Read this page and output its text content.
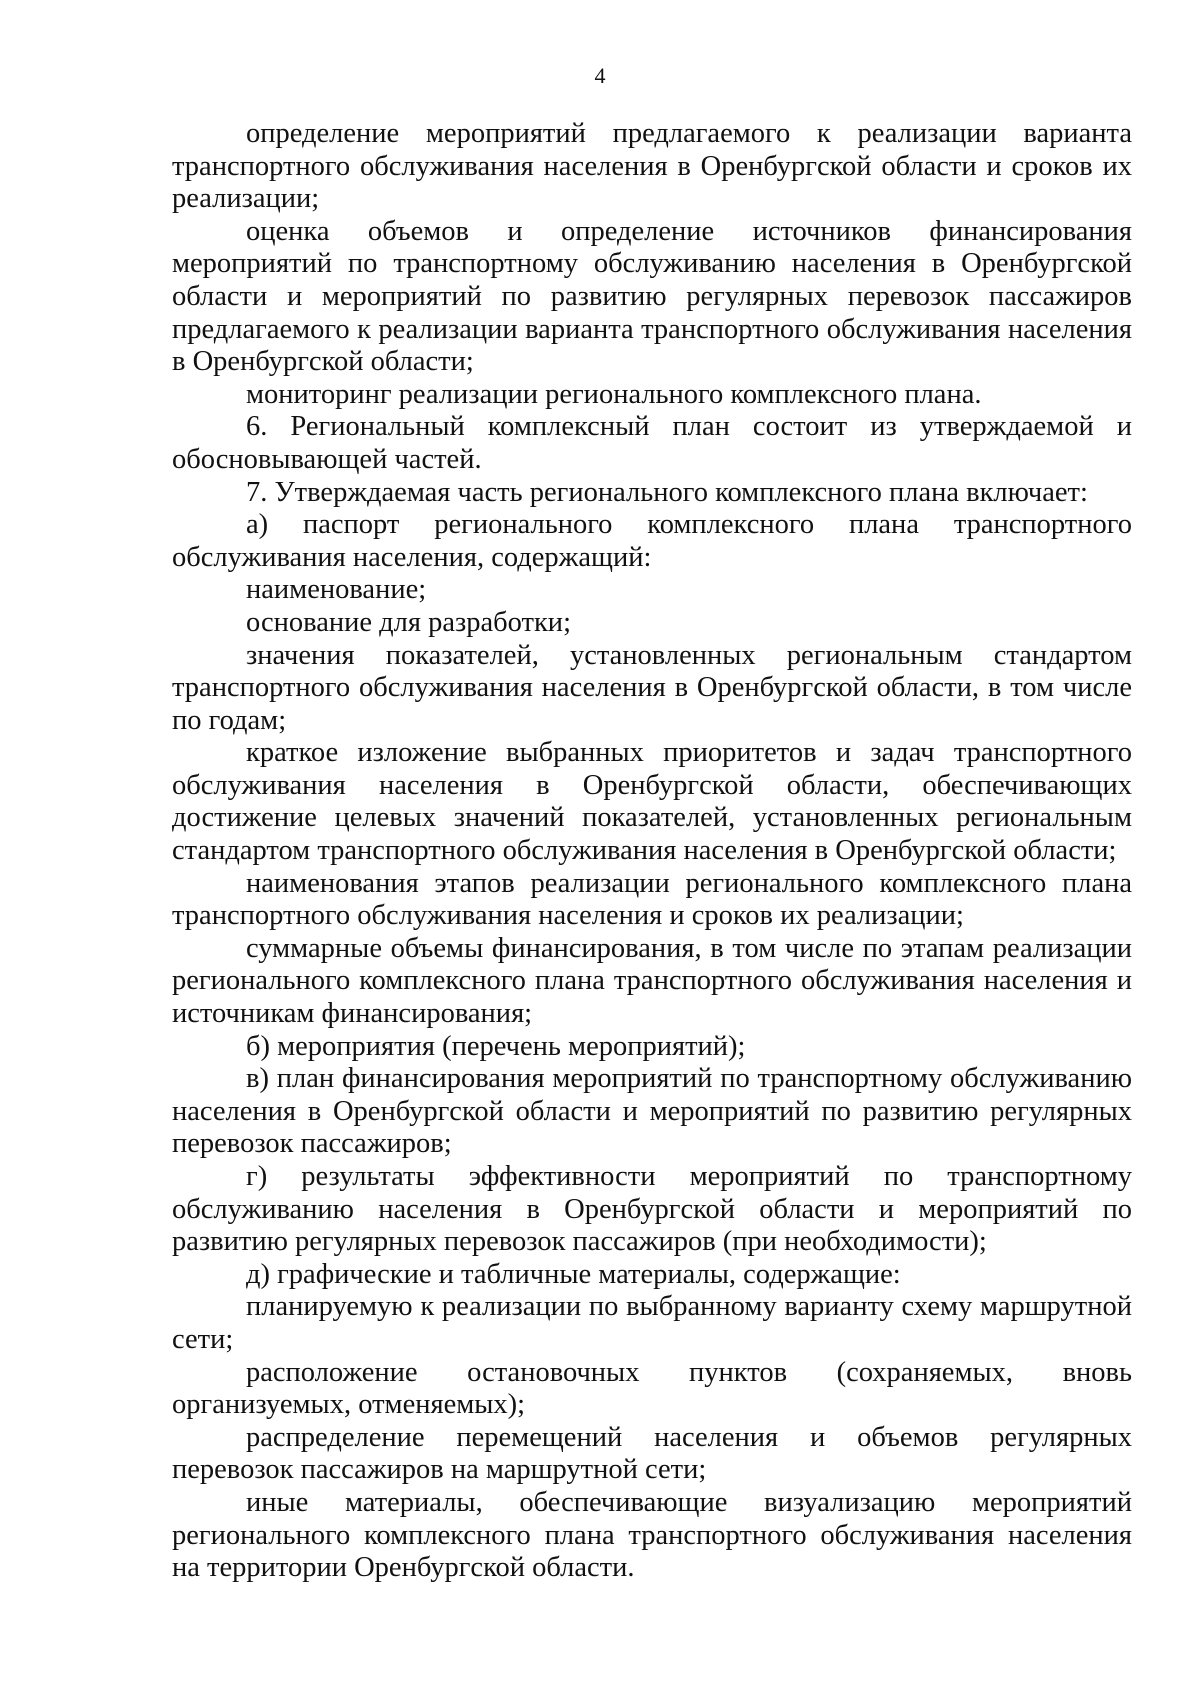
4

определение мероприятий предлагаемого к реализации варианта транспортного обслуживания населения в Оренбургской области и сроков их реализации;

оценка объемов и определение источников финансирования мероприятий по транспортному обслуживанию населения в Оренбургской области и мероприятий по развитию регулярных перевозок пассажиров предлагаемого к реализации варианта транспортного обслуживания населения в Оренбургской области;

мониторинг реализации регионального комплексного плана.

6. Региональный комплексный план состоит из утверждаемой и обосновывающей частей.

7. Утверждаемая часть регионального комплексного плана включает:

а) паспорт регионального комплексного плана транспортного обслуживания населения, содержащий:

наименование;

основание для разработки;

значения показателей, установленных региональным стандартом транспортного обслуживания населения в Оренбургской области, в том числе по годам;

краткое изложение выбранных приоритетов и задач транспортного обслуживания населения в Оренбургской области, обеспечивающих достижение целевых значений показателей, установленных региональным стандартом транспортного обслуживания населения в Оренбургской области;

наименования этапов реализации регионального комплексного плана транспортного обслуживания населения и сроков их реализации;

суммарные объемы финансирования, в том числе по этапам реализации регионального комплексного плана транспортного обслуживания населения и источникам финансирования;

б) мероприятия (перечень мероприятий);

в) план финансирования мероприятий по транспортному обслуживанию населения в Оренбургской области и мероприятий по развитию регулярных перевозок пассажиров;

г) результаты эффективности мероприятий по транспортному обслуживанию населения в Оренбургской области и мероприятий по развитию регулярных перевозок пассажиров (при необходимости);

д) графические и табличные материалы, содержащие:

планируемую к реализации по выбранному варианту схему маршрутной сети;

расположение остановочных пунктов (сохраняемых, вновь организуемых, отменяемых);

распределение перемещений населения и объемов регулярных перевозок пассажиров на маршрутной сети;

иные материалы, обеспечивающие визуализацию мероприятий регионального комплексного плана транспортного обслуживания населения на территории Оренбургской области.
